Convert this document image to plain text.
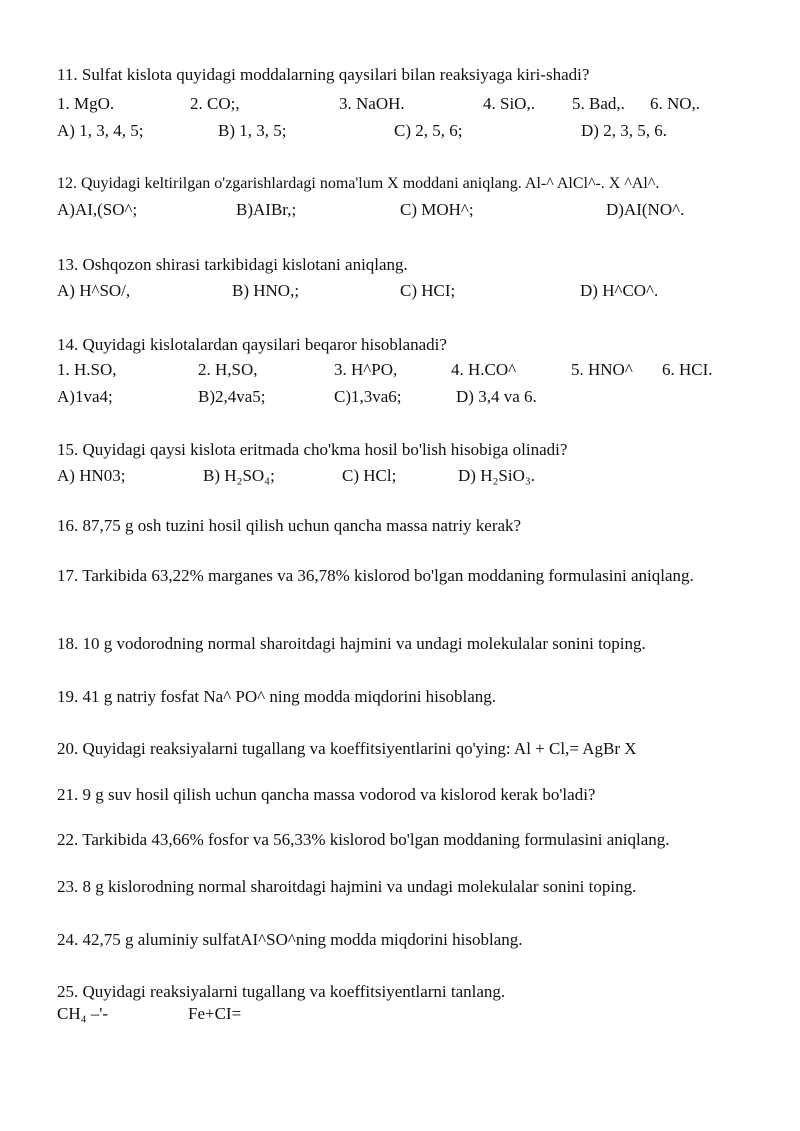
11. Sulfat kislota quyidagi moddalarning qaysilari bilan reaksiyaga kiri-shadi?
1. MgO.	2. CO;,	3. NaOH.	4. SiO,. 5. Bad,. 6. NO,.
A) 1, 3, 4, 5;	B) 1, 3, 5;	C) 2, 5, 6;	D) 2, 3, 5, 6.
12. Quyidagi keltirilgan o'zgarishlardagi noma'lum X moddani aniqlang. Al-^ AlCl^-. X ^Al^.
A)AI,(SO^;	B)AIBr,;	C) MOH^;	D)AI(NO^.
13. Oshqozon shirasi tarkibidagi kislotani aniqlang.
A) H^SO/,	B) HNO,;	C) HCI;	D) H^CO^.
14. Quyidagi kislotalardan qaysilari beqaror hisoblanadi?
1. H.SO,	2. H,SO,	3. H^PO,	4. H.CO^	5. HNO^ 6. HCI.
A)1va4;	B)2,4va5;	C)1,3va6;	D) 3,4 va 6.
15. Quyidagi qaysi kislota eritmada cho'kma hosil bo'lish hisobiga olinadi?
A) HN03;	B) H₂SO₄;	C) HCl;	D) H₂SiO₃.
16. 87,75 g osh tuzini hosil qilish uchun qancha massa natriy kerak?
17. Tarkibida 63,22% marganes va 36,78% kislorod bo'lgan moddaning formulasini aniqlang.
18. 10 g vodorodning normal sharoitdagi hajmini va undagi molekulalar sonini toping.
19. 41 g natriy fosfat Na^ PO^ ning modda miqdorini hisoblang.
20. Quyidagi reaksiyalarni tugallang va koeffitsiyentlarini qo'ying: Al + Cl,= AgBr X
21. 9 g suv hosil qilish uchun qancha massa vodorod va kislorod kerak bo'ladi?
22. Tarkibida 43,66% fosfor va 56,33% kislorod bo'lgan moddaning formulasini aniqlang.
23. 8 g kislorodning normal sharoitdagi hajmini va undagi molekulalar sonini toping.
24. 42,75 g aluminiy sulfatAI^SO^ning modda miqdorini hisoblang.
25. Quyidagi reaksiyalarni tugallang va koeffitsiyentlarni tanlang.
CH₄ –'-	Fe+CI=
